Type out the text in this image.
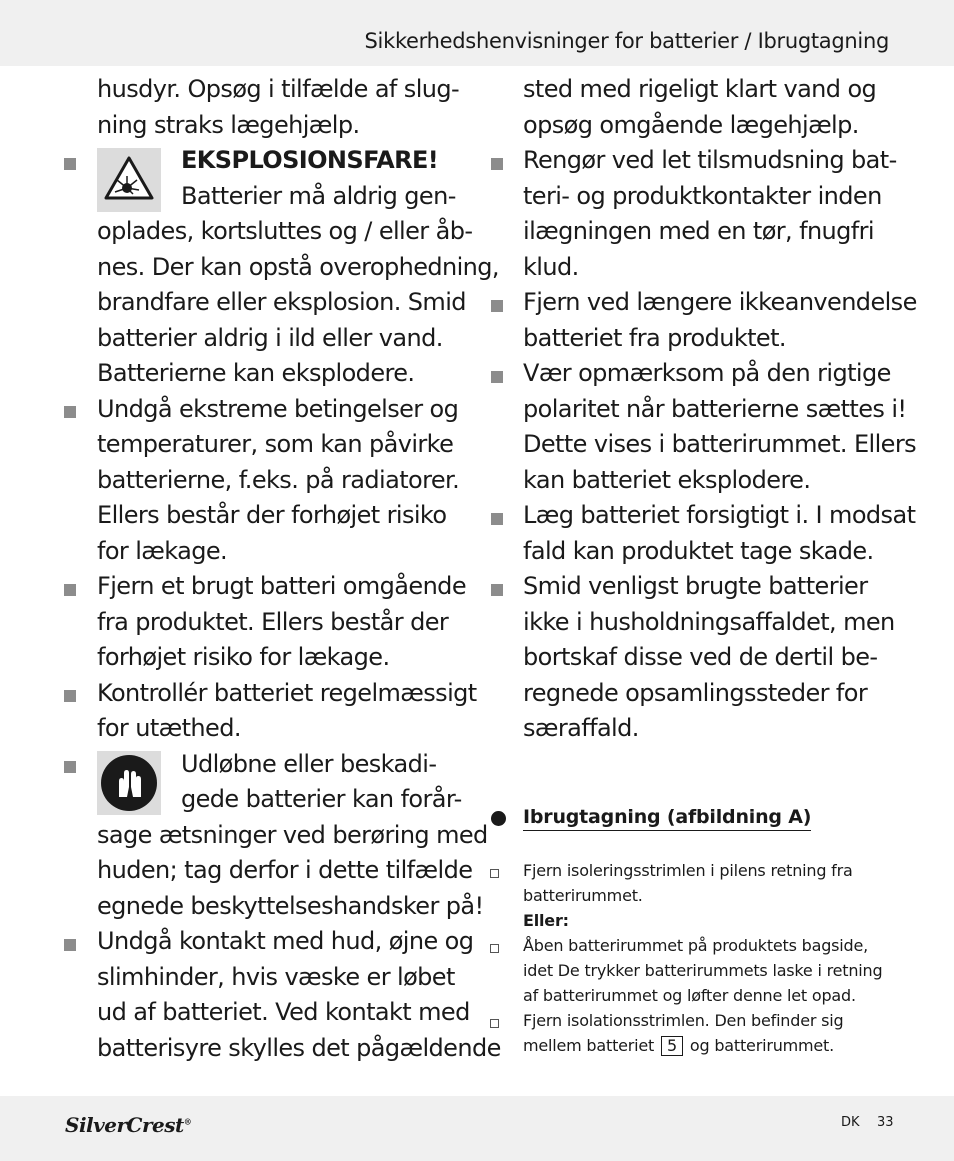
Sikkerhedshenvisninger for batterier / Ibrugtagning
husdyr. Opsøg i tilfælde af slug-
ning straks lægehjælp.
EKSPLOSIONSFARE!
Batterier må aldrig gen-
oplades, kortsluttes og / eller åb-
nes. Der kan opstå overophedning,
brandfare eller eksplosion. Smid
batterier aldrig i ild eller vand.
Batterierne kan eksplodere.
Undgå ekstreme betingelser og
temperaturer, som kan påvirke
batterierne, f.eks. på radiatorer.
Ellers består der forhøjet risiko
for lækage.
Fjern et brugt batteri omgående
fra produktet. Ellers består der
forhøjet risiko for lækage.
Kontrollér batteriet regelmæssigt
for utæthed.
Udløbne eller beskadi-
gede batterier kan forår-
sage ætsninger ved berøring med
huden; tag derfor i dette tilfælde
egnede beskyttelseshandsker på!
Undgå kontakt med hud, øjne og
slimhinder, hvis væske er løbet
ud af batteriet. Ved kontakt med
batterisyre skylles det pågældende
sted med rigeligt klart vand og
opsøg omgående lægehjælp.
Rengør ved let tilsmudsning bat-
teri- og produktkontakter inden
ilægningen med en tør, fnugfri
klud.
Fjern ved længere ikkeanvendelse
batteriet fra produktet.
Vær opmærksom på den rigtige
polaritet når batterierne sættes i!
Dette vises i batterirummet. Ellers
kan batteriet eksplodere.
Læg batteriet forsigtigt i. I modsat
fald kan produktet tage skade.
Smid venligst brugte batterier
ikke i husholdningsaffaldet, men
bortskaf disse ved de dertil be-
regnede opsamlingssteder for
særaffald.
Ibrugtagning (afbildning A)
Fjern isoleringsstrimlen i pilens retning fra
batterirummet.
Eller:
Åben batterirummet på produktets bagside,
idet De trykker batterirummets laske i retning
af batterirummet og løfter denne let opad.
Fjern isolationsstrimlen. Den befinder sig
mellem batteriet 5 og batterirummet.
SilverCrest®	DK 33
